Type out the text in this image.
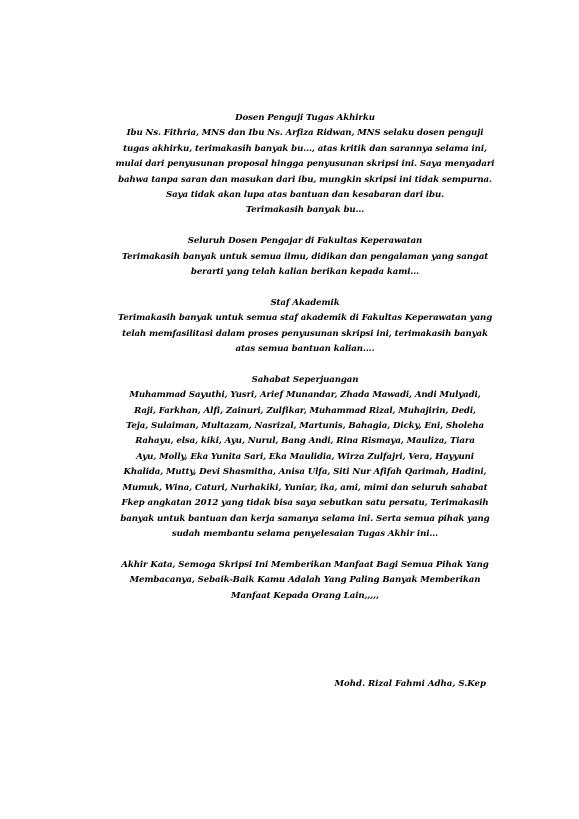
Dosen Penguji Tugas Akhirku
Ibu Ns. Fithria, MNS dan Ibu Ns. Arfiza Ridwan, MNS selaku dosen penguji
tugas akhirku, terimakasih banyak bu..., atas kritik dan sarannya selama ini,
mulai dari penyusunan proposal hingga penyusunan skripsi ini. Saya menyadari
bahwa tanpa saran dan masukan dari ibu, mungkin skripsi ini tidak sempurna.
Saya tidak akan lupa atas bantuan dan kesabaran dari ibu.
Terimakasih banyak bu...
Seluruh Dosen Pengajar di Fakultas Keperawatan
Terimakasih banyak untuk semua ilmu, didikan dan pengalaman yang sangat
berarti yang telah kalian berikan kepada kami...
Staf Akademik
Terimakasih banyak untuk semua staf akademik di Fakultas Keperawatan yang
telah memfasilitasi dalam proses penyusunan skripsi ini, terimakasih banyak
atas semua bantuan kalian....
Sahabat Seperjuangan
Muhammad Sayuthi, Yusri, Arief Munandar, Zhada Mawadi, Andi Mulyadi,
Raji, Farkhan, Alfi, Zainuri, Zulfikar, Muhammad Rizal, Muhajirin, Dedi,
Teja, Sulaiman, Multazam, Nasrizal, Martunis, Bahagia, Dicky, Eni, Sholeha
Rahayu, elsa, kiki, Ayu, Nurul, Bang Andi, Rina Rismaya, Mauliza, Tiara
Ayu, Molly, Eka Yunita Sari, Eka Maulidia, Wirza Zulfajri, Vera, Hayyuni
Khalida, Mutty, Devi Shasmitha, Anisa Ulfa, Siti Nur Afifah Qarimah, Hadini,
Mumuk, Wina, Caturi, Nurhakiki, Yuniar, ika, ami, mimi dan seluruh sahabat
Fkep angkatan 2012 yang tidak bisa saya sebutkan satu persatu, Terimakasih
banyak untuk bantuan dan kerja samanya selama ini. Serta semua pihak yang
sudah membantu selama penyelesaian Tugas Akhir ini...
Akhir Kata, Semoga Skripsi Ini Memberikan Manfaat Bagi Semua Pihak Yang
Membacanya, Sebaik-Baik Kamu Adalah Yang Paling Banyak Memberikan
Manfaat Kepada Orang Lain,,,,,
Mohd. Rizal Fahmi Adha, S.Kep
